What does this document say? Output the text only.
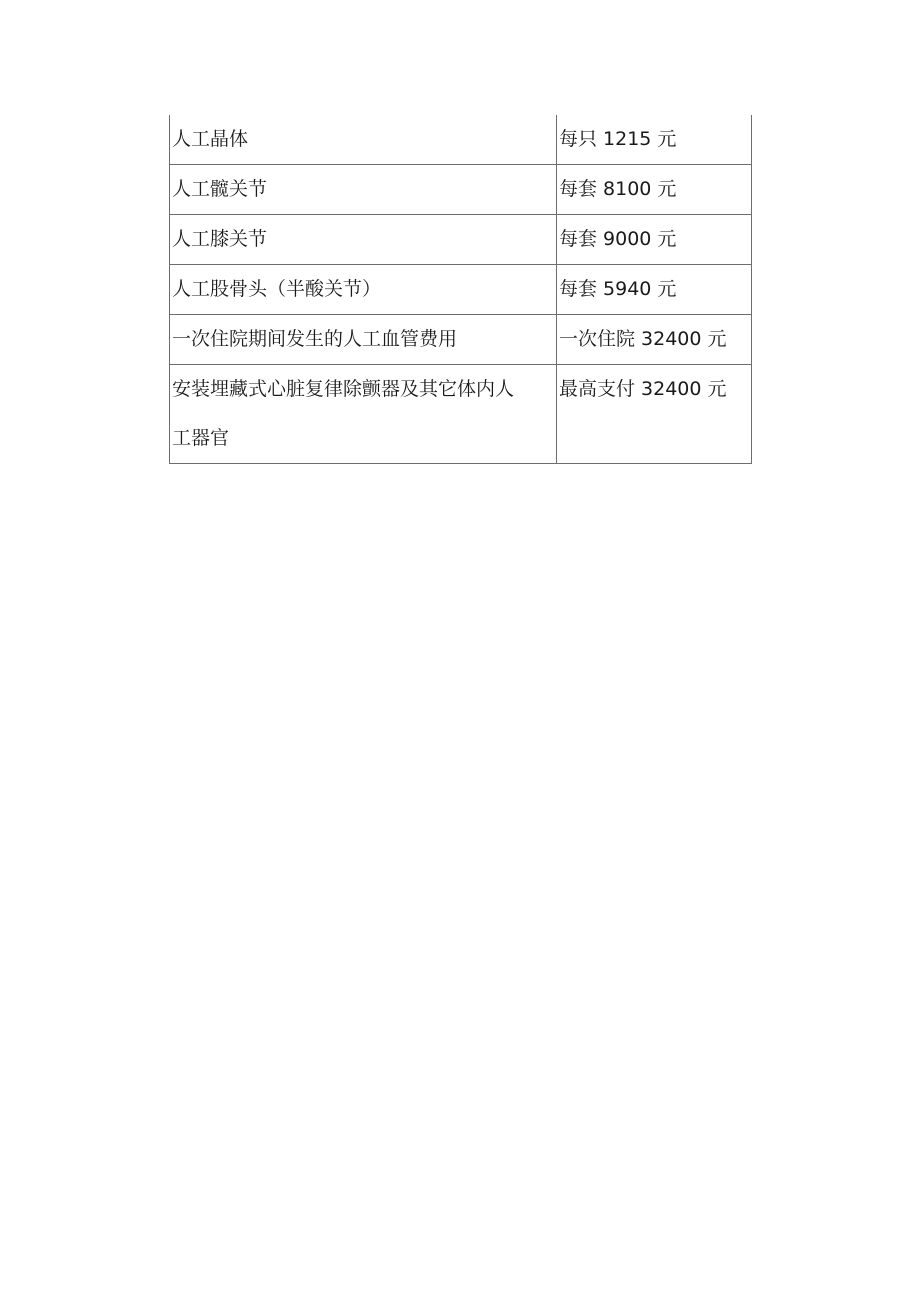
人工晶体	每只 1215 元
人工髋关节	每套 8100 元
人工膝关节	每套 9000 元
人工股骨头（半酸关节）	每套 5940 元
一次住院期间发生的人工血管费用	一次住院 32400 元
安装埋藏式心脏复律除颤器及其它体内人工器官	最高支付 32400 元
